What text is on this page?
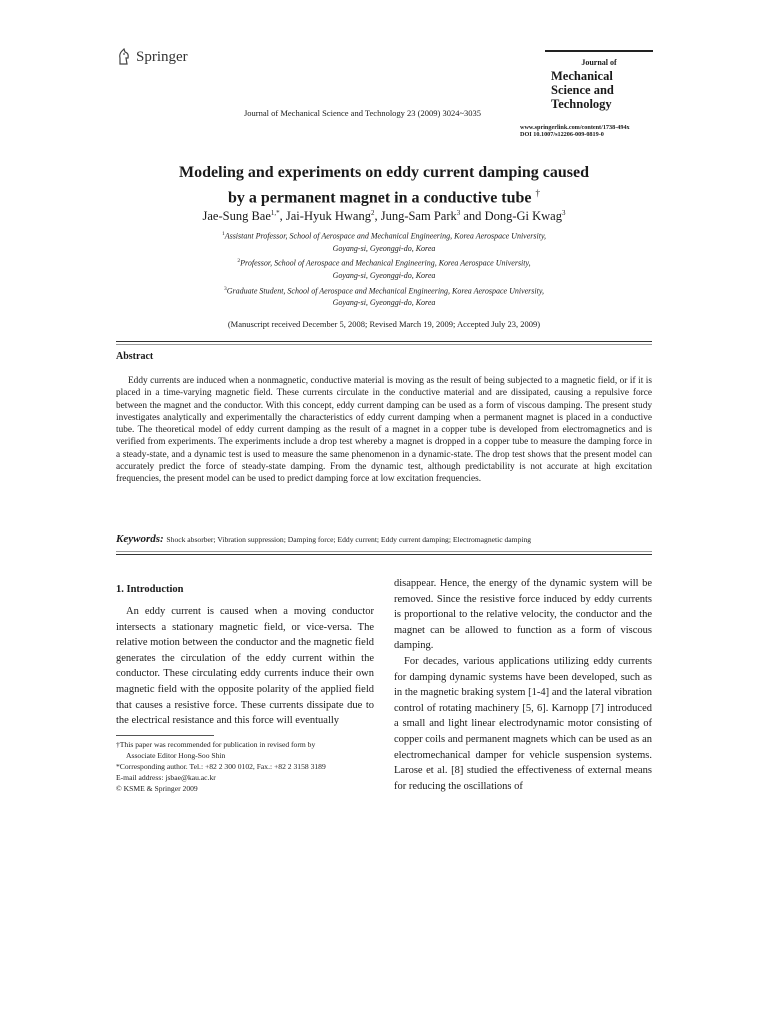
Springer	Journal of
Mechanical
Science and
Technology
Journal of Mechanical Science and Technology 23 (2009) 3024~3035
www.springerlink.com/content/1738-494x
DOI 10.1007/s12206-009-0819-0
Modeling and experiments on eddy current damping caused
by a permanent magnet in a conductive tube †
Jae-Sung Bae$^{1,*}$, Jai-Hyuk Hwang$^2$, Jung-Sam Park$^3$ and Dong-Gi Kwag$^3$
$^1$Assistant Professor, School of Aerospace and Mechanical Engineering, Korea Aerospace University,
Goyang-si, Gyeonggi-do, Korea
$^2$Professor, School of Aerospace and Mechanical Engineering, Korea Aerospace University,
Goyang-si, Gyeonggi-do, Korea
$^3$Graduate Student, School of Aerospace and Mechanical Engineering, Korea Aerospace University,
Goyang-si, Gyeonggi-do, Korea
(Manuscript received December 5, 2008; Revised March 19, 2009; Accepted July 23, 2009)
Abstract
Eddy currents are induced when a nonmagnetic, conductive material is moving as the result of being subjected to a magnetic field, or if it is placed in a time-varying magnetic field. These currents circulate in the conductive material and are dissipated, causing a repulsive force between the magnet and the conductor. With this concept, eddy current damping can be used as a form of viscous damping. The present study investigates analytically and experimentally the characteristics of eddy current damping when a permanent magnet is placed in a conductive tube. The theoretical model of eddy current damping as the result of a magnet in a copper tube is developed from electromagnetics and is verified from experiments. The experiments include a drop test whereby a magnet is dropped in a copper tube to measure the damping force in a steady-state, and a dynamic test is used to measure the same phenomenon in a dynamic-state. The drop test shows that the present model can accurately predict the force of steady-state damping. From the dynamic test, although predictability is not accurate at high excitation frequencies, the present model can be used to predict damping force at low excitation frequencies.
Keywords: Shock absorber; Vibration suppression; Damping force; Eddy current; Eddy current damping; Electromagnetic damping
1. Introduction

An eddy current is caused when a moving conductor intersects a stationary magnetic field, or vice-versa. The relative motion between the conductor and the magnetic field generates the circulation of the eddy current within the conductor. These circulating eddy currents induce their own magnetic field with the opposite polarity of the applied field that causes a resistive force. These currents dissipate due to the electrical resistance and this force will eventually

disappear. Hence, the energy of the dynamic system will be removed. Since the resistive force induced by eddy currents is proportional to the relative velocity, the conductor and the magnet can be allowed to function as a form of viscous damping.

For decades, various applications utilizing eddy currents for damping dynamic systems have been developed, such as in the magnetic braking system [1-4] and the lateral vibration control of rotating machinery [5, 6]. Karnopp [7] introduced a small and light linear electrodynamic motor consisting of copper coils and permanent magnets which can be used as an electromechanical damper for vehicle suspension systems. Larose et al. [8] studied the effectiveness of external means for reducing the oscillations of

†This paper was recommended for publication in revised form by
Associate Editor Hong-Soo Shin
*Corresponding author. Tel.: +82 2 300 0102, Fax.: +82 2 3158 3189
E-mail address: jsbae@kau.ac.kr
© KSME & Springer 2009
